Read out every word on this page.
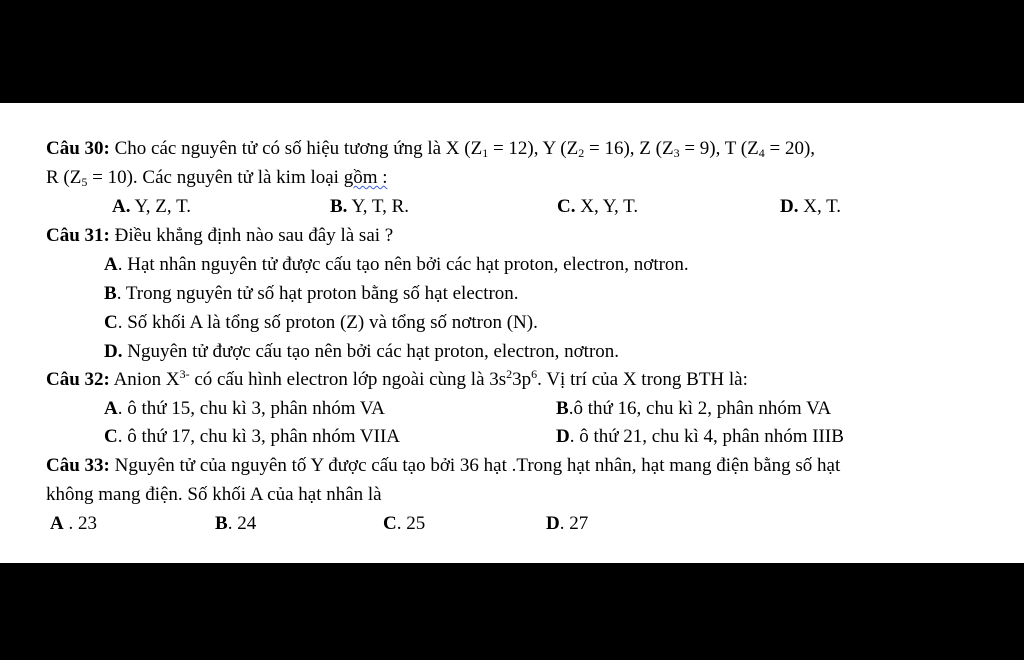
Câu 30: Cho các nguyên tử có số hiệu tương ứng là X $(Z_1 = 12)$, Y $(Z_2 = 16)$, Z $(Z_3 = 9)$, T $(Z_4 = 20)$,
R $(Z_5 = 10)$. Các nguyên tử là kim loại gồm :
A. Y, Z, T.	B. Y, T, R.	C. X, Y, T.	D. X, T.
Câu 31: Điều khẳng định nào sau đây là sai ?
A. Hạt nhân nguyên tử được cấu tạo nên bởi các hạt proton, electron, nơtron.
B. Trong nguyên tử số hạt proton bằng số hạt electron.
C. Số khối A là tổng số proton (Z) và tổng số nơtron (N).
D. Nguyên tử được cấu tạo nên bởi các hạt proton, electron, nơtron.
Câu 32: Anion $X^{3-}$ có cấu hình electron lớp ngoài cùng là $3s^23p^6$. Vị trí của X trong BTH là:
A. ô thứ 15, chu kì 3, phân nhóm VA	B.ô thứ 16, chu kì 2, phân nhóm VA
C. ô thứ 17, chu kì 3, phân nhóm VIIA	D. ô thứ 21, chu kì 4, phân nhóm IIIB
Câu 33: Nguyên tử của nguyên tố Y được cấu tạo bởi 36 hạt .Trong hạt nhân, hạt mang điện bằng số hạt
không mang điện. Số khối A của hạt nhân là
A . 23	B. 24	C. 25	D. 27
